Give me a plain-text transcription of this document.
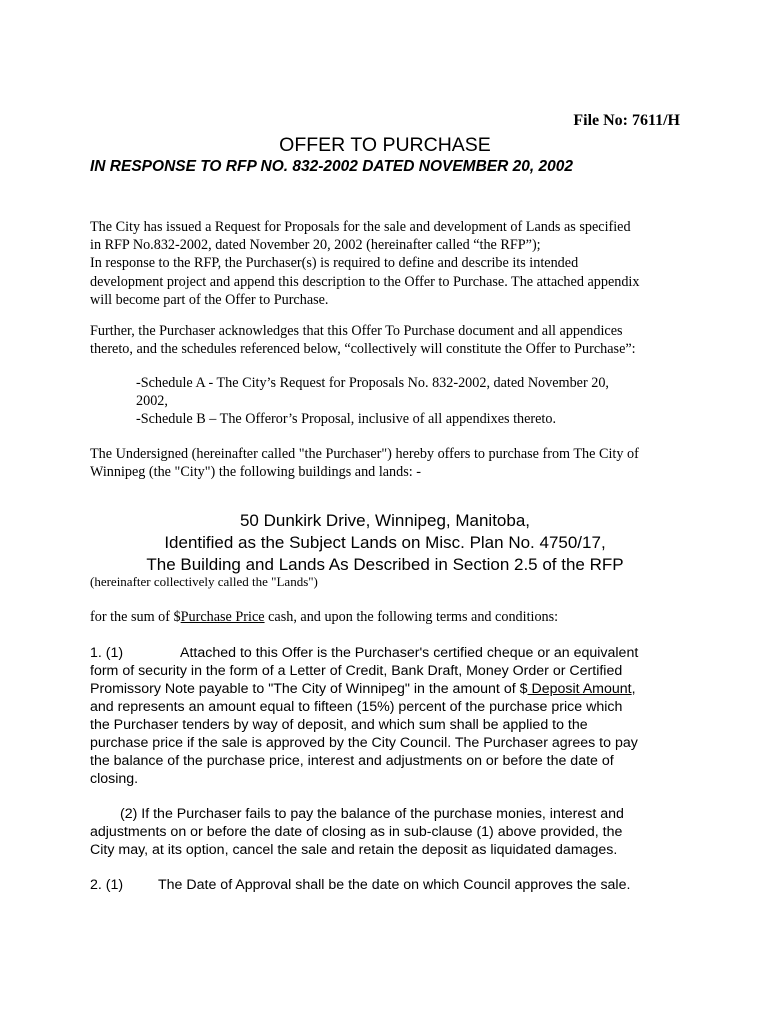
File No: 7611/H
OFFER TO PURCHASE
IN RESPONSE TO RFP NO. 832-2002 DATED NOVEMBER 20, 2002
The City has issued a Request for Proposals for the sale and development of Lands as specified
in RFP No.832-2002, dated November 20, 2002 (hereinafter called “the RFP”);
In response to the RFP, the Purchaser(s) is required to define and describe its intended
development project and append this description to the Offer to Purchase. The attached appendix
will become part of the Offer to Purchase.
Further, the Purchaser acknowledges that this Offer To Purchase document and all appendices
thereto, and the schedules referenced below, “collectively will constitute the Offer to Purchase”:
-Schedule A - The City’s Request for Proposals No. 832-2002, dated November 20,
2002,
-Schedule B – The Offeror’s Proposal, inclusive of all appendixes thereto.
The Undersigned (hereinafter called "the Purchaser") hereby offers to purchase from The City of
Winnipeg (the "City") the following buildings and lands: -
50 Dunkirk Drive, Winnipeg, Manitoba,
Identified as the Subject Lands on Misc. Plan No. 4750/17,
The Building and Lands As Described in Section 2.5 of the RFP
(hereinafter collectively called the "Lands")
for the sum of $Purchase Price cash, and upon the following terms and conditions:
1. (1)	Attached to this Offer is the Purchaser's certified cheque or an equivalent
form of security in the form of a Letter of Credit, Bank Draft, Money Order or Certified
Promissory Note payable to "The City of Winnipeg" in the amount of $ Deposit Amount,
and represents an amount equal to fifteen (15%) percent of the purchase price which
the Purchaser tenders by way of deposit, and which sum shall be applied to the
purchase price if the sale is approved by the City Council. The Purchaser agrees to pay
the balance of the purchase price, interest and adjustments on or before the date of
closing.
(2) If the Purchaser fails to pay the balance of the purchase monies, interest and
adjustments on or before the date of closing as in sub-clause (1) above provided, the
City may, at its option, cancel the sale and retain the deposit as liquidated damages.
2. (1) The Date of Approval shall be the date on which Council approves the sale.
